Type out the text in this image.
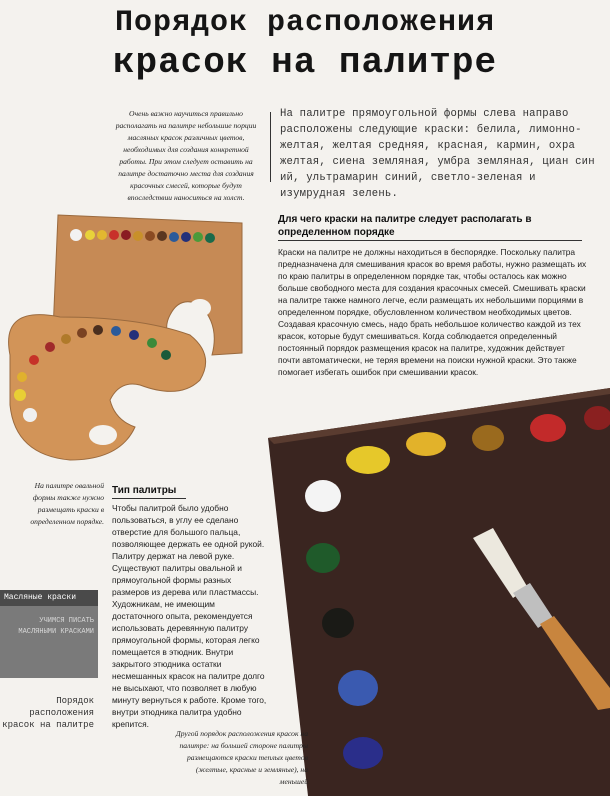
Порядок расположения
красок на палитре
Очень важно научиться правильно располагать на палитре небольшие порции масляных красок различных цветов, необходимых для создания конкретной работы. При этом следует оставить на палитре достаточно места для создания красочных смесей, которые будут впоследствии наноситься на холст.
На палитре прямоугольной формы слева направо расположены следующие краски: белила, лимонно-желтая, желтая средняя, красная, кармин, охра желтая, сиена земляная, умбра земляная, циан син ий, ультрамарин синий, светло-зеленая и изумрудная зелень.
Для чего краски на палитре следует располагать в определенном порядке
Краски на палитре не должны находиться в беспорядке. Поскольку палитра предназначена для смешивания красок во время работы, нужно размещать их по краю палитры в определенном порядке так, чтобы осталось как можно больше свободного места для создания красочных смесей. Смешивать краски на палитре также намного легче, если размещать их небольшими порциями в определенном порядке, обусловленном количеством необходимых цветов. Создавая красочную смесь, надо брать небольшое количество каждой из тех красок, которые будут смешиваться. Когда соблюдается определенный постоянный порядок размещения красок на палитре, художник действует почти автоматически, не теряя времени на поиски нужной краски. Это также помогает избегать ошибок при смешивании красок.
На палитре овальной формы также нужно размещать краски в определенном порядке.
Масляные краски
УЧИМСЯ ПИСАТЬ МАСЛЯНЫМИ КРАСКАМИ
Порядок расположения красок на палитре
Тип палитры
Чтобы палитрой было удобно пользоваться, в углу ее сделано отверстие для большого пальца, позволяющее держать ее одной рукой. Палитру держат на левой руке. Существуют палитры овальной и прямоугольной формы разных размеров из дерева или пластмассы. Художникам, не имеющим достаточного опыта, рекомендуется использовать деревянную палитру прямоугольной формы, которая легко помещается в этюдник. Внутри закрытого этюдника остатки несмешанных красок на палитре долго не высыхают, что позволяет в любую минуту вернуться к работе. Кроме того, внутри этюдника палитра удобно крепится.
Другой порядок расположения красок на палитре: на большей стороне палитры размещаются краски теплых цветов (желтые, красные и земляные), на меньшей
